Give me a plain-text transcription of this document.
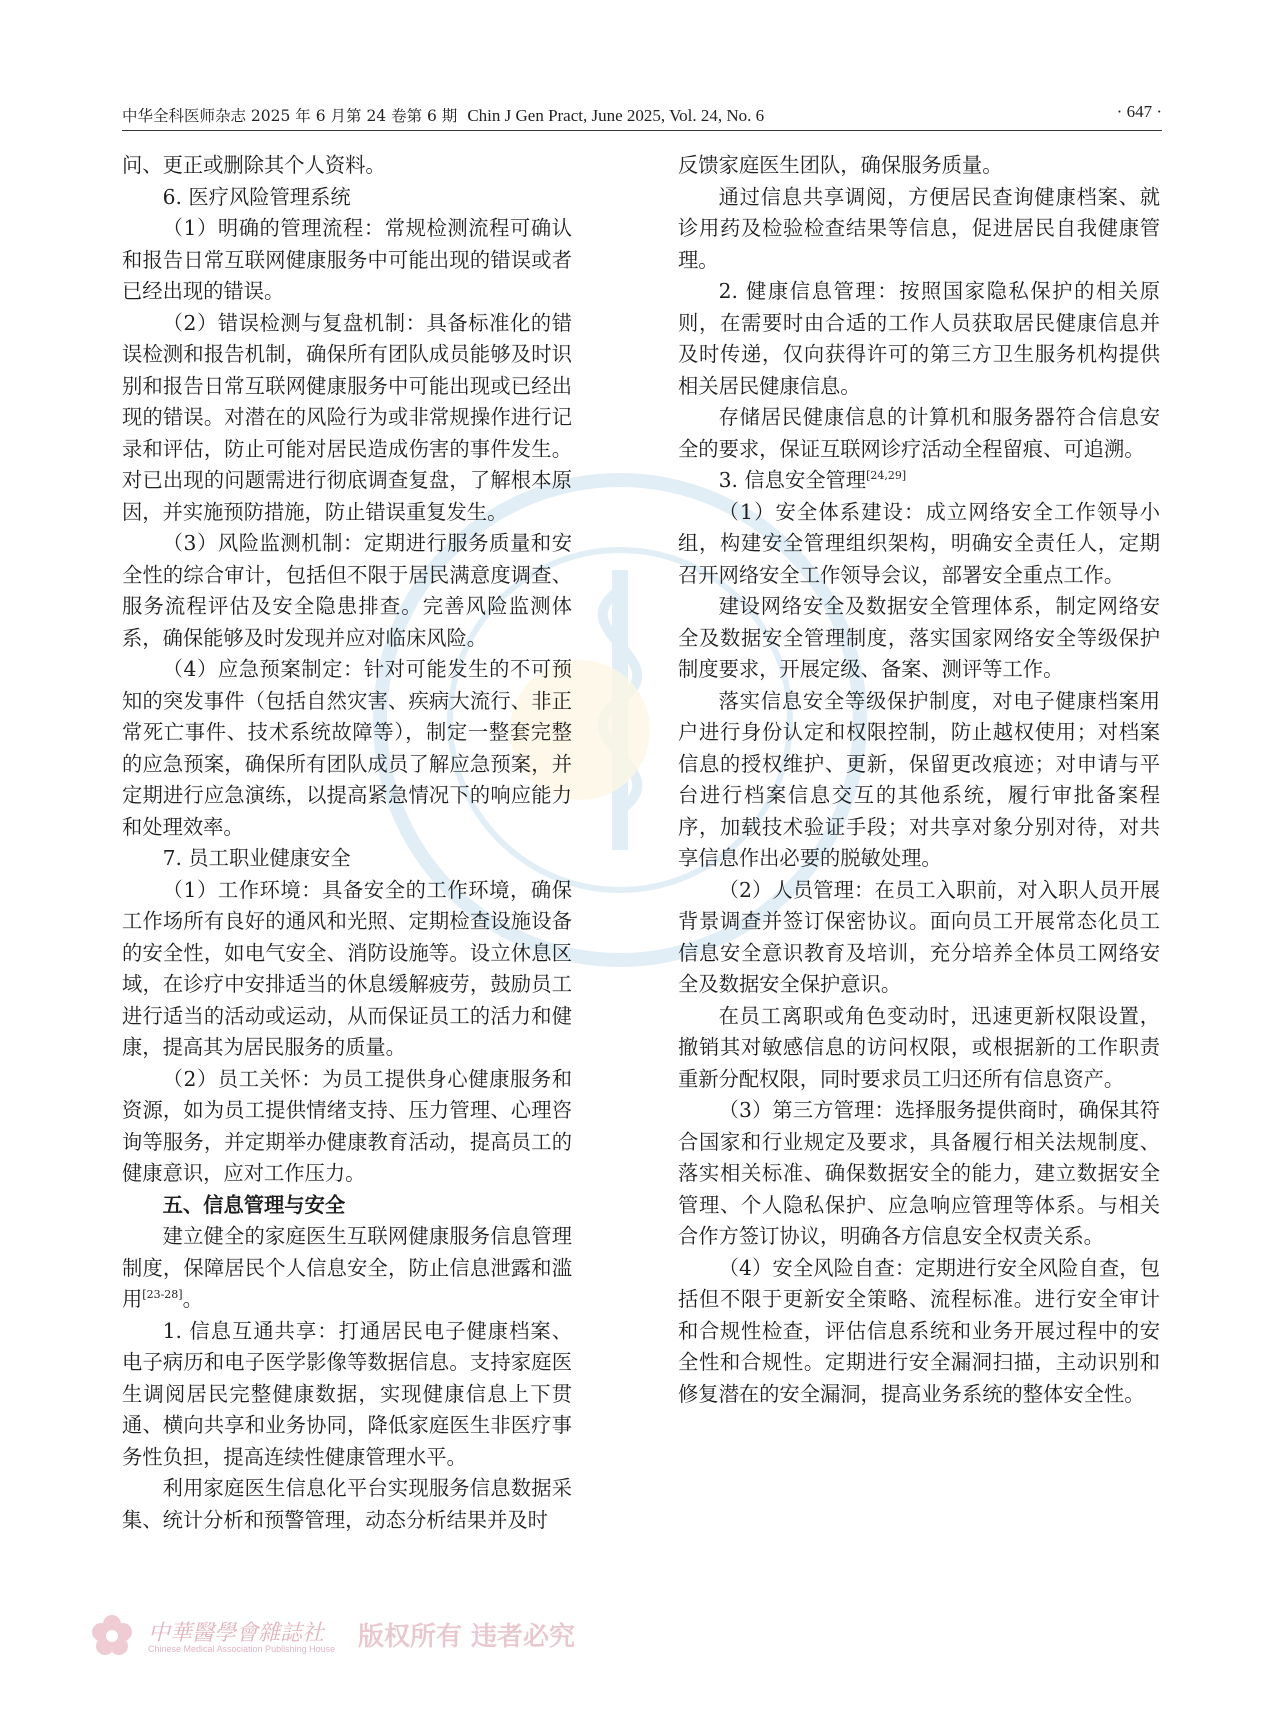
中华全科医师杂志 2025 年 6 月第 24 卷第 6 期 Chin J Gen Pract, June 2025, Vol. 24, No. 6	· 647 ·

问、更正或删除其个人资料。

6. 医疗风险管理系统

（1）明确的管理流程：常规检测流程可确认和报告日常互联网健康服务中可能出现的错误或者已经出现的错误。

（2）错误检测与复盘机制：具备标准化的错误检测和报告机制，确保所有团队成员能够及时识别和报告日常互联网健康服务中可能出现或已经出现的错误。对潜在的风险行为或非常规操作进行记录和评估，防止可能对居民造成伤害的事件发生。对已出现的问题需进行彻底调查复盘，了解根本原因，并实施预防措施，防止错误重复发生。

（3）风险监测机制：定期进行服务质量和安全性的综合审计，包括但不限于居民满意度调查、服务流程评估及安全隐患排查。完善风险监测体系，确保能够及时发现并应对临床风险。

（4）应急预案制定：针对可能发生的不可预知的突发事件（包括自然灾害、疾病大流行、非正常死亡事件、技术系统故障等），制定一整套完整的应急预案，确保所有团队成员了解应急预案，并定期进行应急演练，以提高紧急情况下的响应能力和处理效率。

7. 员工职业健康安全

（1）工作环境：具备安全的工作环境，确保工作场所有良好的通风和光照、定期检查设施设备的安全性，如电气安全、消防设施等。设立休息区域，在诊疗中安排适当的休息缓解疲劳，鼓励员工进行适当的活动或运动，从而保证员工的活力和健康，提高其为居民服务的质量。

（2）员工关怀：为员工提供身心健康服务和资源，如为员工提供情绪支持、压力管理、心理咨询等服务，并定期举办健康教育活动，提高员工的健康意识，应对工作压力。

五、信息管理与安全

建立健全的家庭医生互联网健康服务信息管理制度，保障居民个人信息安全，防止信息泄露和滥用[23-28]。

1. 信息互通共享：打通居民电子健康档案、电子病历和电子医学影像等数据信息。支持家庭医生调阅居民完整健康数据，实现健康信息上下贯通、横向共享和业务协同，降低家庭医生非医疗事务性负担，提高连续性健康管理水平。

利用家庭医生信息化平台实现服务信息数据采集、统计分析和预警管理，动态分析结果并及时

反馈家庭医生团队，确保服务质量。

通过信息共享调阅，方便居民查询健康档案、就诊用药及检验检查结果等信息，促进居民自我健康管理。

2. 健康信息管理：按照国家隐私保护的相关原则，在需要时由合适的工作人员获取居民健康信息并及时传递，仅向获得许可的第三方卫生服务机构提供相关居民健康信息。

存储居民健康信息的计算机和服务器符合信息安全的要求，保证互联网诊疗活动全程留痕、可追溯。

3. 信息安全管理[24,29]

（1）安全体系建设：成立网络安全工作领导小组，构建安全管理组织架构，明确安全责任人，定期召开网络安全工作领导会议，部署安全重点工作。

建设网络安全及数据安全管理体系，制定网络安全及数据安全管理制度，落实国家网络安全等级保护制度要求，开展定级、备案、测评等工作。

落实信息安全等级保护制度，对电子健康档案用户进行身份认定和权限控制，防止越权使用；对档案信息的授权维护、更新，保留更改痕迹；对申请与平台进行档案信息交互的其他系统，履行审批备案程序，加载技术验证手段；对共享对象分别对待，对共享信息作出必要的脱敏处理。

（2）人员管理：在员工入职前，对入职人员开展背景调查并签订保密协议。面向员工开展常态化员工信息安全意识教育及培训，充分培养全体员工网络安全及数据安全保护意识。

在员工离职或角色变动时，迅速更新权限设置，撤销其对敏感信息的访问权限，或根据新的工作职责重新分配权限，同时要求员工归还所有信息资产。

（3）第三方管理：选择服务提供商时，确保其符合国家和行业规定及要求，具备履行相关法规制度、落实相关标准、确保数据安全的能力，建立数据安全管理、个人隐私保护、应急响应管理等体系。与相关合作方签订协议，明确各方信息安全权责关系。

（4）安全风险自查：定期进行安全风险自查，包括但不限于更新安全策略、流程标准。进行安全审计和合规性检查，评估信息系统和业务开展过程中的安全性和合规性。定期进行安全漏洞扫描，主动识别和修复潜在的安全漏洞，提高业务系统的整体安全性。

中華醫學會雜誌社
Chinese Medical Association Publishing House 版权所有 违者必究
